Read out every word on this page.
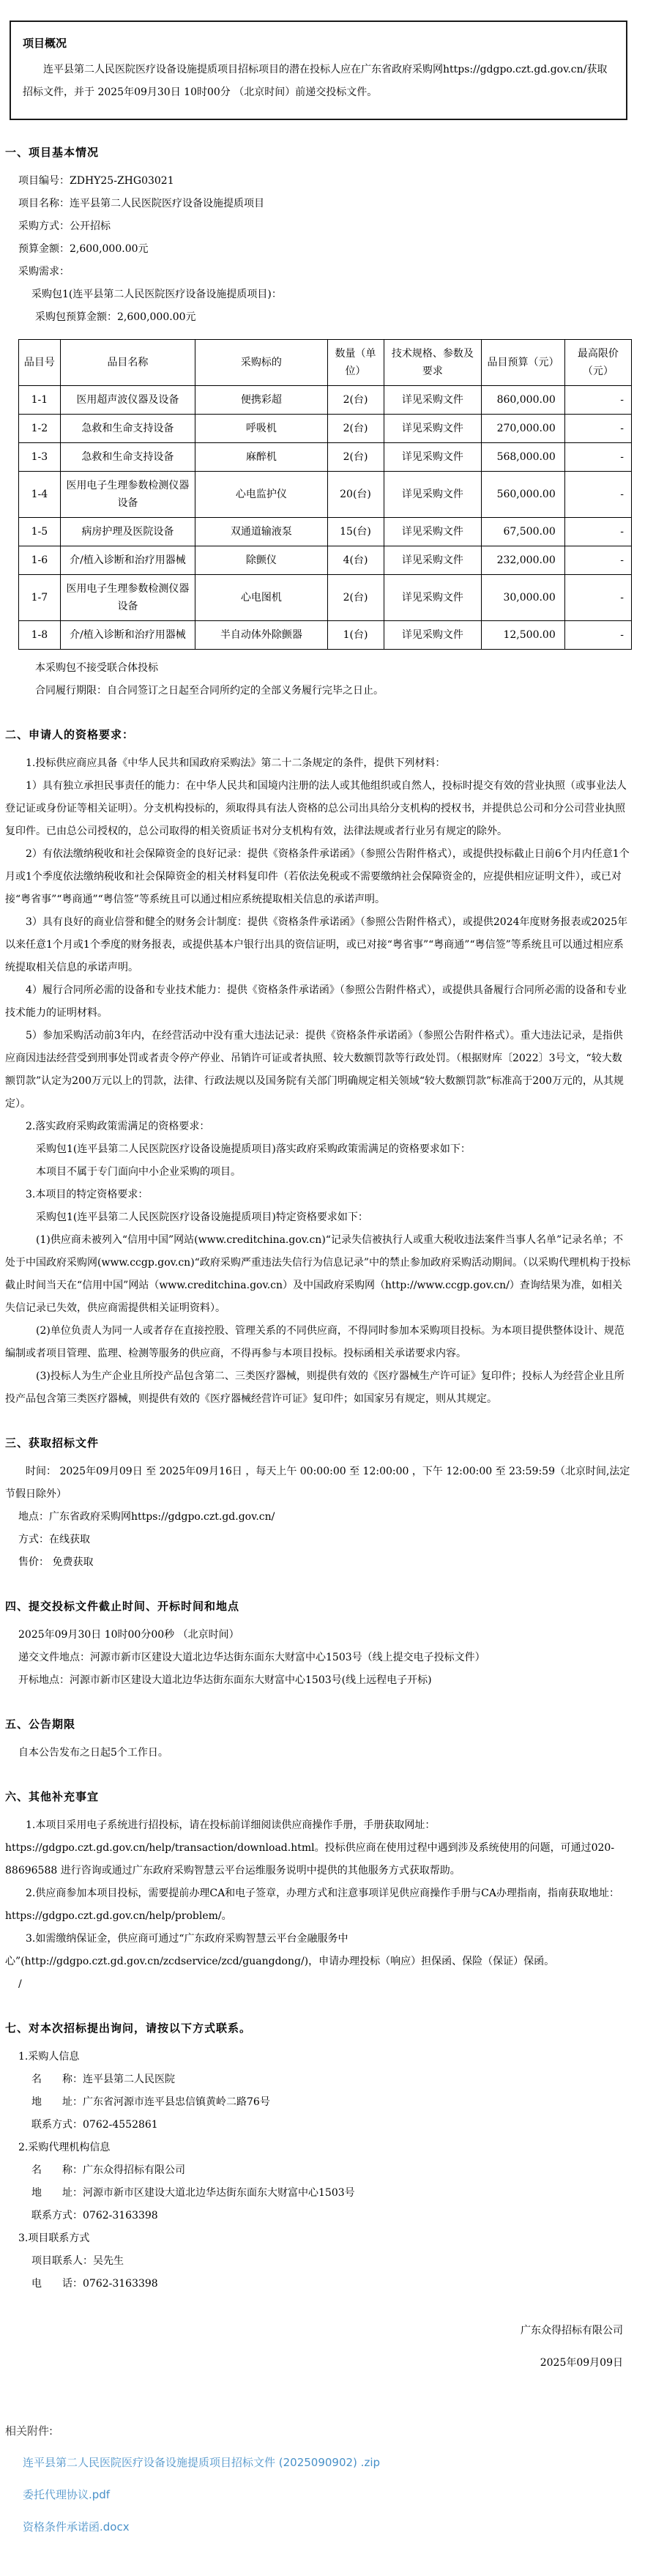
项目概况

连平县第二人民医院医疗设备设施提质项目招标项目的潜在投标人应在广东省政府采购网https://gdgpo.czt.gd.gov.cn/获取招标文件，并于 2025年09月30日 10时00分 （北京时间）前递交投标文件。

一、项目基本情况

项目编号：ZDHY25-ZHG03021

项目名称：连平县第二人民医院医疗设备设施提质项目

采购方式：公开招标

预算金额：2,600,000.00元

采购需求：

采购包1(连平县第二人民医院医疗设备设施提质项目)：

采购包预算金额：2,600,000.00元

品目号	品目名称	采购标的	数量（单位）	技术规格、参数及要求	品目预算（元）	最高限价（元）
1-1	医用超声波仪器及设备	便携彩超	2(台)	详见采购文件	860,000.00	-
1-2	急救和生命支持设备	呼吸机	2(台)	详见采购文件	270,000.00	-
1-3	急救和生命支持设备	麻醉机	2(台)	详见采购文件	568,000.00	-
1-4	医用电子生理参数检测仪器设备	心电监护仪	20(台)	详见采购文件	560,000.00	-
1-5	病房护理及医院设备	双通道输液泵	15(台)	详见采购文件	67,500.00	-
1-6	介/植入诊断和治疗用器械	除颤仪	4(台)	详见采购文件	232,000.00	-
1-7	医用电子生理参数检测仪器设备	心电图机	2(台)	详见采购文件	30,000.00	-
1-8	介/植入诊断和治疗用器械	半自动体外除颤器	1(台)	详见采购文件	12,500.00	-

本采购包不接受联合体投标

合同履行期限：自合同签订之日起至合同所约定的全部义务履行完毕之日止。

二、申请人的资格要求：

1.投标供应商应具备《中华人民共和国政府采购法》第二十二条规定的条件，提供下列材料：

1）具有独立承担民事责任的能力：在中华人民共和国境内注册的法人或其他组织或自然人，投标时提交有效的营业执照（或事业法人登记证或身份证等相关证明）。分支机构投标的，须取得具有法人资格的总公司出具给分支机构的授权书，并提供总公司和分公司营业执照复印件。已由总公司授权的，总公司取得的相关资质证书对分支机构有效，法律法规或者行业另有规定的除外。

2）有依法缴纳税收和社会保障资金的良好记录：提供《资格条件承诺函》（参照公告附件格式），或提供投标截止日前6个月内任意1个月或1个季度依法缴纳税收和社会保障资金的相关材料复印件（若依法免税或不需要缴纳社会保障资金的，应提供相应证明文件），或已对接“粤省事”“粤商通”“粤信签”等系统且可以通过相应系统提取相关信息的承诺声明。

3）具有良好的商业信誉和健全的财务会计制度：提供《资格条件承诺函》（参照公告附件格式），或提供2024年度财务报表或2025年以来任意1个月或1个季度的财务报表，或提供基本户银行出具的资信证明，或已对接“粤省事”“粤商通”“粤信签”等系统且可以通过相应系统提取相关信息的承诺声明。

4）履行合同所必需的设备和专业技术能力：提供《资格条件承诺函》（参照公告附件格式），或提供具备履行合同所必需的设备和专业技术能力的证明材料。

5）参加采购活动前3年内，在经营活动中没有重大违法记录：提供《资格条件承诺函》（参照公告附件格式）。重大违法记录，是指供应商因违法经营受到刑事处罚或者责令停产停业、吊销许可证或者执照、较大数额罚款等行政处罚。（根据财库〔2022〕3号文，“较大数额罚款”认定为200万元以上的罚款，法律、行政法规以及国务院有关部门明确规定相关领域“较大数额罚款”标准高于200万元的，从其规定）。

2.落实政府采购政策需满足的资格要求：

采购包1(连平县第二人民医院医疗设备设施提质项目)落实政府采购政策需满足的资格要求如下：

本项目不属于专门面向中小企业采购的项目。

3.本项目的特定资格要求：

采购包1(连平县第二人民医院医疗设备设施提质项目)特定资格要求如下：

(1)供应商未被列入“信用中国”网站(www.creditchina.gov.cn)“记录失信被执行人或重大税收违法案件当事人名单”记录名单；不处于中国政府采购网(www.ccgp.gov.cn)“政府采购严重违法失信行为信息记录”中的禁止参加政府采购活动期间。（以采购代理机构于投标截止时间当天在“信用中国”网站（www.creditchina.gov.cn）及中国政府采购网（http://www.ccgp.gov.cn/）查询结果为准，如相关失信记录已失效，供应商需提供相关证明资料）。

(2)单位负责人为同一人或者存在直接控股、管理关系的不同供应商，不得同时参加本采购项目投标。为本项目提供整体设计、规范编制或者项目管理、监理、检测等服务的供应商，不得再参与本项目投标。投标函相关承诺要求内容。

(3)投标人为生产企业且所投产品包含第二、三类医疗器械，则提供有效的《医疗器械生产许可证》复印件；投标人为经营企业且所投产品包含第三类医疗器械，则提供有效的《医疗器械经营许可证》复印件；如国家另有规定，则从其规定。

三、获取招标文件

时间： 2025年09月09日 至 2025年09月16日 ，每天上午 00:00:00 至 12:00:00 ，下午 12:00:00 至 23:59:59（北京时间,法定节假日除外）

地点：广东省政府采购网https://gdgpo.czt.gd.gov.cn/

方式：在线获取

售价： 免费获取

四、提交投标文件截止时间、开标时间和地点

2025年09月30日 10时00分00秒 （北京时间）

递交文件地点：河源市新市区建设大道北边华达街东面东大财富中心1503号（线上提交电子投标文件）

开标地点：河源市新市区建设大道北边华达街东面东大财富中心1503号(线上远程电子开标)

五、公告期限

自本公告发布之日起5个工作日。

六、其他补充事宜

1.本项目采用电子系统进行招投标，请在投标前详细阅读供应商操作手册，手册获取网址：https://gdgpo.czt.gd.gov.cn/help/transaction/download.html。投标供应商在使用过程中遇到涉及系统使用的问题，可通过020-88696588 进行咨询或通过广东政府采购智慧云平台运维服务说明中提供的其他服务方式获取帮助。

2.供应商参加本项目投标，需要提前办理CA和电子签章，办理方式和注意事项详见供应商操作手册与CA办理指南，指南获取地址：https://gdgpo.czt.gd.gov.cn/help/problem/。

3.如需缴纳保证金，供应商可通过“广东政府采购智慧云平台金融服务中心”(http://gdgpo.czt.gd.gov.cn/zcdservice/zcd/guangdong/)，申请办理投标（响应）担保函、保险（保证）保函。

/

七、对本次招标提出询问，请按以下方式联系。

1.采购人信息

名　　称：连平县第二人民医院

地　　址：广东省河源市连平县忠信镇黄岭二路76号

联系方式：0762-4552861

2.采购代理机构信息

名　　称：广东众得招标有限公司

地　　址：河源市新市区建设大道北边华达街东面东大财富中心1503号

联系方式：0762-3163398

3.项目联系方式

项目联系人：吴先生

电　　话：0762-3163398

广东众得招标有限公司

2025年09月09日

相关附件:

连平县第二人民医院医疗设备设施提质项目招标文件 (2025090902) .zip
委托代理协议.pdf
资格条件承诺函.docx
